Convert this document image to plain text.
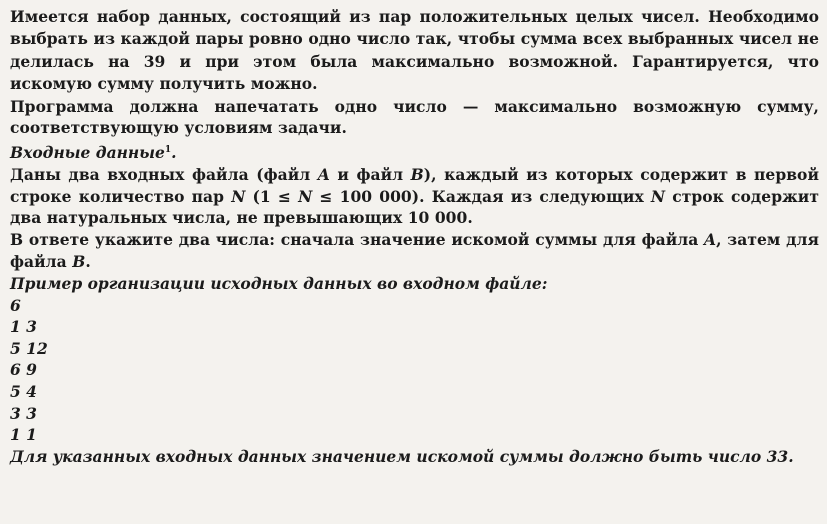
Имеется набор данных, состоящий из пар положительных целых чисел. Необходимо выбрать из каждой пары ровно одно число так, чтобы сумма всех выбранных чисел не делилась на 39 и при этом была максимально возможной. Гарантируется, что искомую сумму получить можно.

Программа должна напечатать одно число — максимально возможную сумму, соответствующую условиям задачи.

Входные данные$^1$.

Даны два входных файла (файл A и файл B), каждый из которых содержит в первой строке количество пар N (1 ≤ N ≤ 100 000). Каждая из следующих N строк содержит два натуральных числа, не превышающих 10 000.

В ответе укажите два числа: сначала значение искомой суммы для файла A, затем для файла B.

Пример организации исходных данных во входном файле:

6
1 3
5 12
6 9
5 4
3 3
1 1

Для указанных входных данных значением искомой суммы должно быть число 33.
